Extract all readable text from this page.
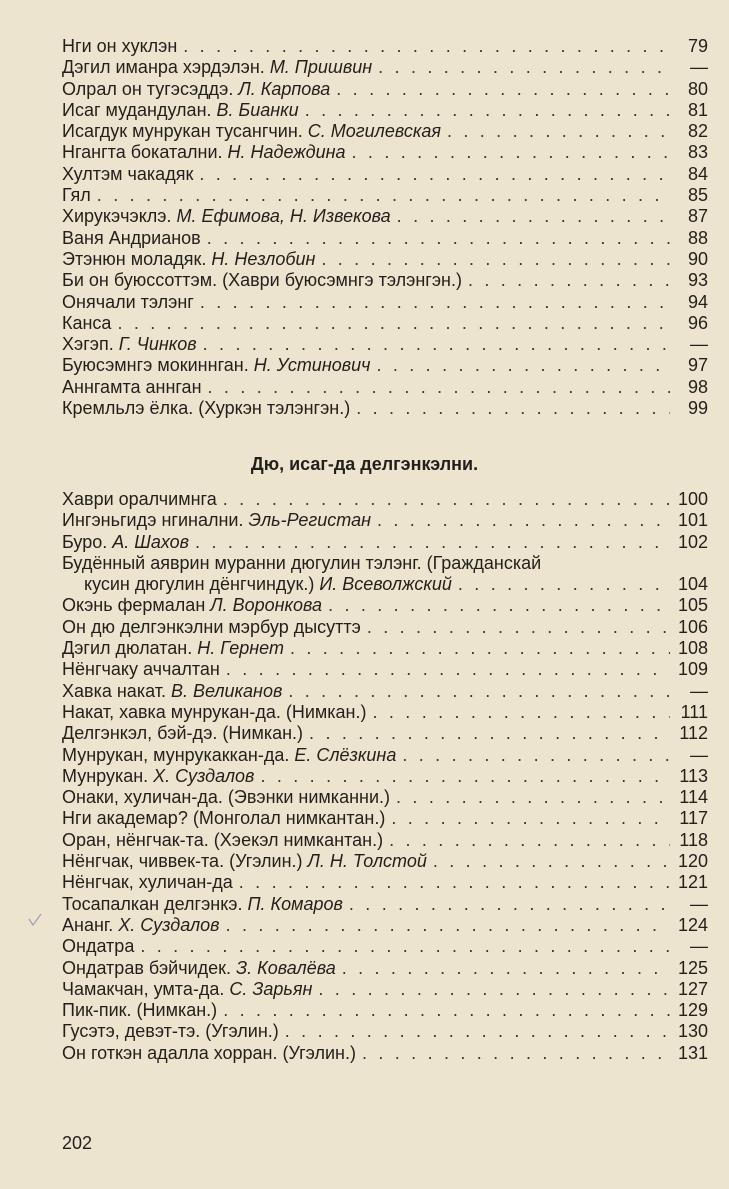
Нги он хуклэн . . .	79
Дэгил иманра хэрдэлэн. М. Пришвин . . .	—
Олрал он тугэсэддэ. Л. Карпова . . .	80
Исаг мудандулан. В. Бианки . . .	81
Исагдук мунрукан тусангчин. С. Могилевская . . .	82
Нгангта бокатални. Н. Надеждина . . .	83
Хултэм чакадяк . . .	84
Гял . . .	85
Хирукэчэклэ. М. Ефимова, Н. Извекова . . .	87
Ваня Андрианов . . .	88
Этэнюн моладяк. Н. Незлобин . . .	90
Би он буюссоттэм. (Хаври буюсэмнгэ тэлэнгэн.) . . .	93
Онячали тэлэнг . . .	94
Канса . . .	96
Хэгэп. Г. Чинков . . .	—
Буюсэмнгэ мокиннган. Н. Устинович . . .	97
Аннгамта аннган . . .	98
Кремльлэ ёлка. (Хуркэн тэлэнгэн.) . . .	99
Дю, исаг-да делгэнкэлни.
Хаври оралчимнга . . .	100
Ингэньгидэ нгинални. Эль-Регистан . . .	101
Буро. А. Шахов . . .	102
Будённый аяврин муранни дюгулин тэлэнг. (Гражданскай
кусин дюгулин дёнгчиндук.) И. Всеволжский . . .	104
Окэнь фермалан Л. Воронкова . . .	105
Он дю делгэнкэлни мэрбур дысуттэ . . .	106
Дэгил дюлатан. Н. Гернет . . .	108
Нёнгчаку аччалтан . . .	109
Хавка накат. В. Великанов . . .	—
Накат, хавка мунрукан-да. (Нимкан.) . . .	111
Делгэнкэл, бэй-дэ. (Нимкан.) . . .	112
Мунрукан, мунрукаккан-да. Е. Слёзкина . . .	—
Мунрукан. Х. Суздалов . . .	113
Онаки, хуличан-да. (Эвэнки нимканни.) . . .	114
Нги академар? (Монголал нимкантан.) . . .	117
Оран, нёнгчак-та. (Хэекэл нимкантан.) . . .	118
Нёнгчак, чиввек-та. (Угэлин.) Л. Н. Толстой . . .	120
Нёнгчак, хуличан-да . . .	121
Тосапалкан делгэнкэ. П. Комаров . . .	—
Ананг. Х. Суздалов . . .	124
Ондатра . . .	—
Ондатрав бэйчидек. З. Ковалёва . . .	125
Чамакчан, умта-да. С. Зарьян . . .	127
Пик-пик. (Нимкан.) . . .	129
Гусэтэ, девэт-тэ. (Угэлин.) . . .	130
Он готкэн адалла хорран. (Угэлин.) . . .	131
202
